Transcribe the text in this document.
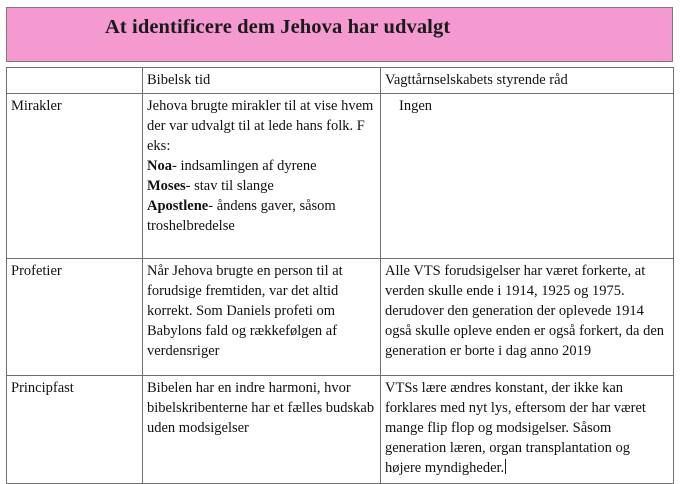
At identificere dem Jehova har udvalgt
	Bibelsk tid	Vagttårnselskabets styrende råd
Mirakler	Jehova brugte mirakler til at vise hvem der var udvalgt til at lede hans folk. F eks:
Noa- indsamlingen af dyrene
Moses- stav til slange
Apostlene- åndens gaver, såsom troshelbredelse	Ingen
Profetier	Når Jehova brugte en person til at forudsige fremtiden, var det altid korrekt. Som Daniels profeti om Babylons fald og rækkefølgen af verdensriger	Alle VTS forudsigelser har været forkerte, at verden skulle ende i 1914, 1925 og 1975. derudover den generation der oplevede 1914 også skulle opleve enden er også forkert, da den generation er borte i dag anno 2019
Principfast	Bibelen har en indre harmoni, hvor bibelskribenterne har et fælles budskab uden modsigelser	VTSs lære ændres konstant, der ikke kan forklares med nyt lys, eftersom der har været mange flip flop og modsigelser. Såsom generation læren, organ transplantation og højere myndigheder.
